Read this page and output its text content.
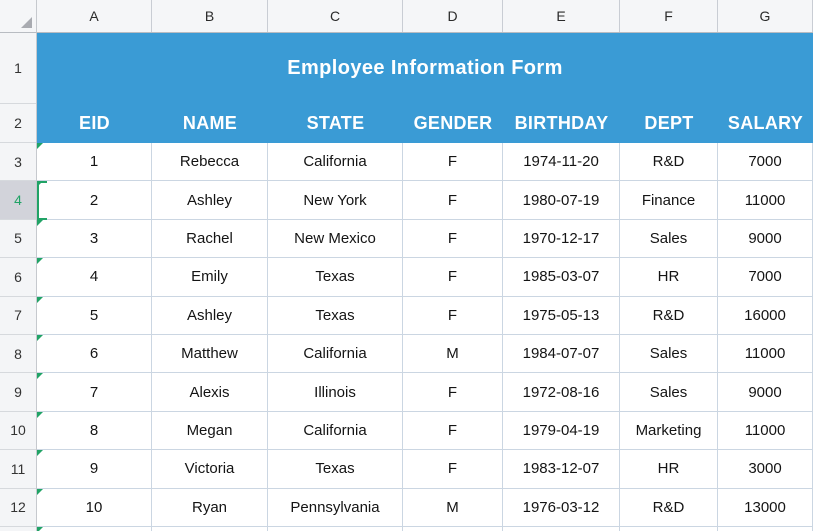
A	B	C	D	E	F	G
1
2
3
4
5
6
7
8
9
10
11
12
Employee Information Form
EID	NAME	STATE	GENDER	BIRTHDAY	DEPT	SALARY
1	Rebecca	California	F	1974-11-20	R&D	7000
2	Ashley	New York	F	1980-07-19	Finance	11000
3	Rachel	New Mexico	F	1970-12-17	Sales	9000
4	Emily	Texas	F	1985-03-07	HR	7000
5	Ashley	Texas	F	1975-05-13	R&D	16000
6	Matthew	California	M	1984-07-07	Sales	11000
7	Alexis	Illinois	F	1972-08-16	Sales	9000
8	Megan	California	F	1979-04-19	Marketing	11000
9	Victoria	Texas	F	1983-12-07	HR	3000
10	Ryan	Pennsylvania	M	1976-03-12	R&D	13000
